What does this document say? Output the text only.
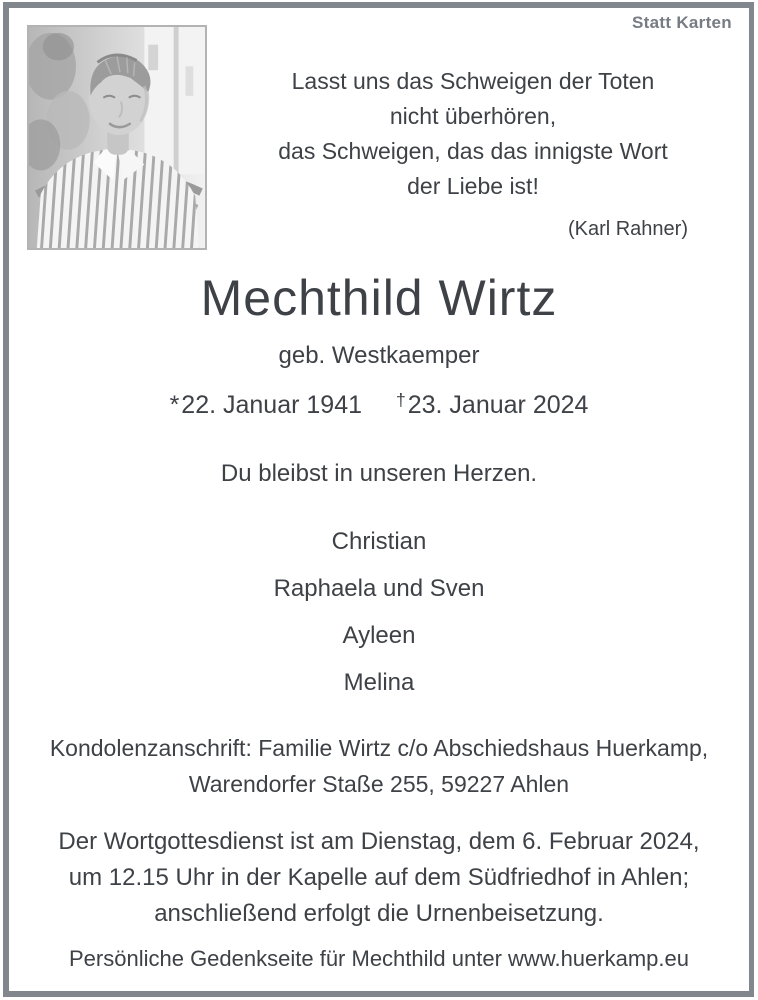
Statt Karten
Lasst uns das Schweigen der Toten
nicht überhören,
das Schweigen, das das innigste Wort
der Liebe ist!
(Karl Rahner)
Mechthild Wirtz
geb. Westkaemper
*22. Januar 1941 †23. Januar 2024
Du bleibst in unseren Herzen.
Christian
Raphaela und Sven
Ayleen
Melina
Kondolenzanschrift: Familie Wirtz c/o Abschiedshaus Huerkamp,
Warendorfer Staße 255, 59227 Ahlen
Der Wortgottesdienst ist am Dienstag, dem 6. Februar 2024,
um 12.15 Uhr in der Kapelle auf dem Südfriedhof in Ahlen;
anschließend erfolgt die Urnenbeisetzung.
Persönliche Gedenkseite für Mechthild unter www.huerkamp.eu
